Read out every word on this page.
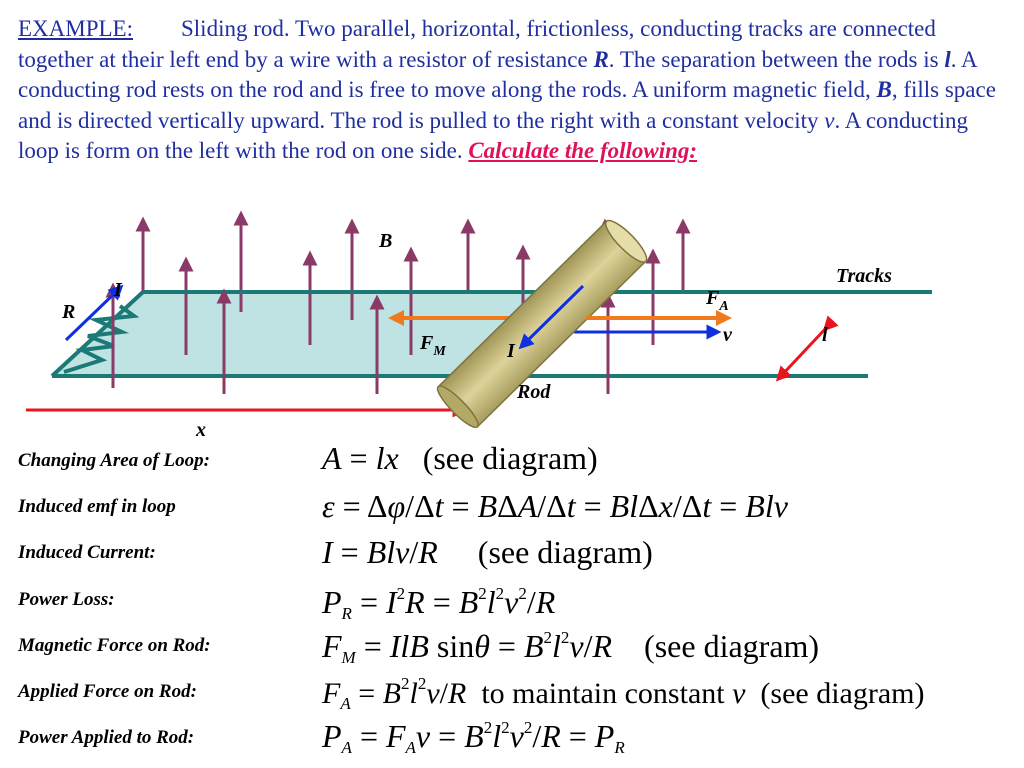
EXAMPLE: Sliding rod. Two parallel, horizontal, frictionless, conducting tracks are connected together at their left end by a wire with a resistor of resistance R. The separation between the rods is l. A conducting rod rests on the rod and is free to move along the rods. A uniform magnetic field, B, fills space and is directed vertically upward. The rod is pulled to the right with a constant velocity v. A conducting loop is form on the left with the rod on one side. Calculate the following:
B
Tracks
I
R
$F_A$
v
$F_M$
l
I
Rod
x
Changing Area of Loop:
Induced emf in loop
Induced Current:
Power Loss:
Magnetic Force on Rod:
Applied Force on Rod:
Power Applied to Rod:
A = lx (see diagram)
ε = Δφ/Δt = BΔA/Δt = BlΔx/Δt = Blv
I = Blv/R (see diagram)
$P_R = I^2R = B^2l^2v^2/R$
$F_M$ = IlB $\sin\theta = B^2l^2v/R$ (see diagram)
$F_A = B^2l^2v/R$ to maintain constant v (see diagram)
$P_A = F_Av = B^2l^2v^2/R = P_R$
